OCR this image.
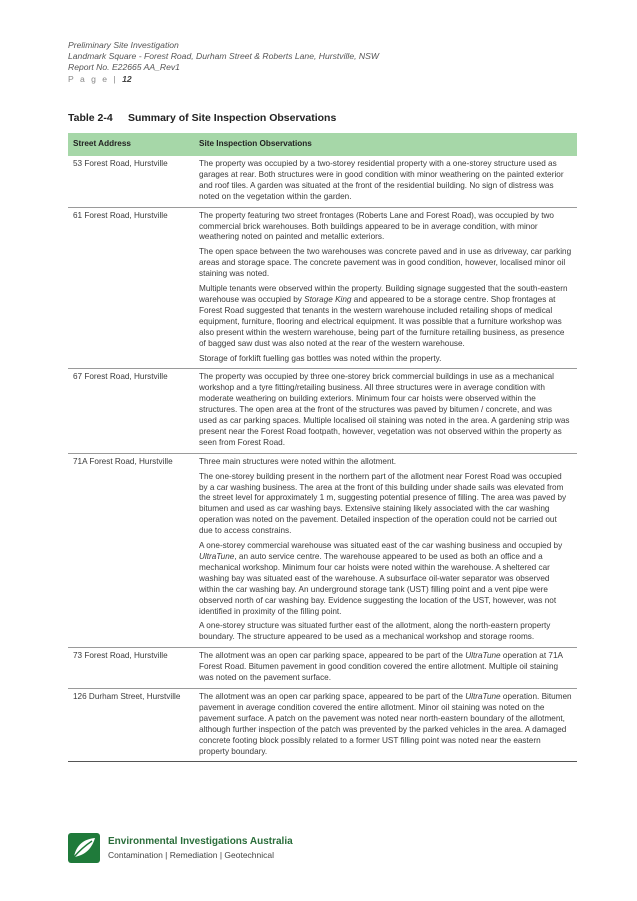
Preliminary Site Investigation
Landmark Square - Forest Road, Durham Street & Roberts Lane, Hurstville, NSW
Report No. E22665 AA_Rev1
P a g e | 12
Table 2-4 Summary of Site Inspection Observations
Street Address	Site Inspection Observations
53 Forest Road, Hurstville	The property was occupied by a two-storey residential property with a one-storey structure used as garages at rear. Both structures were in good condition with minor weathering on the painted exterior and roof tiles. A garden was situated at the front of the residential building. No sign of distress was noted on the vegetation within the garden.

61 Forest Road, Hurstville	The property featuring two street frontages (Roberts Lane and Forest Road), was occupied by two commercial brick warehouses. Both buildings appeared to be in average condition, with minor weathering noted on painted and metallic exteriors.

The open space between the two warehouses was concrete paved and in use as driveway, car parking areas and storage space. The concrete pavement was in good condition, however, localised minor oil staining was noted.

Multiple tenants were observed within the property. Building signage suggested that the south-eastern warehouse was occupied by Storage King and appeared to be a storage centre. Shop frontages at Forest Road suggested that tenants in the western warehouse included retailing shops of medical equipment, furniture, flooring and electrical equipment. It was possible that a furniture workshop was also present within the western warehouse, being part of the furniture retailing business, as presence of bagged saw dust was also noted at the rear of the western warehouse.

Storage of forklift fuelling gas bottles was noted within the property.

67 Forest Road, Hurstville	The property was occupied by three one-storey brick commercial buildings in use as a mechanical workshop and a tyre fitting/retailing business. All three structures were in average condition with moderate weathering on building exteriors. Minimum four car hoists were observed within the structures. The open area at the front of the structures was paved by bitumen / concrete, and was used as car parking spaces. Multiple localised oil staining was noted in the area. A gardening strip was present near the Forest Road footpath, however, vegetation was not observed within the property as seen from Forest Road.

71A Forest Road, Hurstville	Three main structures were noted within the allotment.

The one-storey building present in the northern part of the allotment near Forest Road was occupied by a car washing business. The area at the front of this building under shade sails was elevated from the street level for approximately 1 m, suggesting potential presence of filling. The area was paved by bitumen and used as car washing bays. Extensive staining likely associated with the car washing operation was noted on the pavement. Detailed inspection of the operation could not be carried out due to access constrains.

A one-storey commercial warehouse was situated east of the car washing business and occupied by UltraTune, an auto service centre. The warehouse appeared to be used as both an office and a mechanical workshop. Minimum four car hoists were noted within the warehouse. A sheltered car washing bay was situated east of the warehouse. A subsurface oil-water separator was observed within the car washing bay. An underground storage tank (UST) filling point and a vent pipe were observed north of car washing bay. Evidence suggesting the location of the UST, however, was not identified in proximity of the filling point.

A one-storey structure was situated further east of the allotment, along the north-eastern property boundary. The structure appeared to be used as a mechanical workshop and storage rooms.

73 Forest Road, Hurstville	The allotment was an open car parking space, appeared to be part of the UltraTune operation at 71A Forest Road. Bitumen pavement in good condition covered the entire allotment. Multiple oil staining was noted on the pavement surface.

126 Durham Street, Hurstville	The allotment was an open car parking space, appeared to be part of the UltraTune operation. Bitumen pavement in average condition covered the entire allotment. Minor oil staining was noted on the pavement surface. A patch on the pavement was noted near north-eastern boundary of the allotment, although further inspection of the patch was prevented by the parked vehicles in the area. A damaged concrete footing block possibly related to a former UST filling point was noted near the eastern property boundary.

Environmental Investigations Australia
Contamination | Remediation | Geotechnical
